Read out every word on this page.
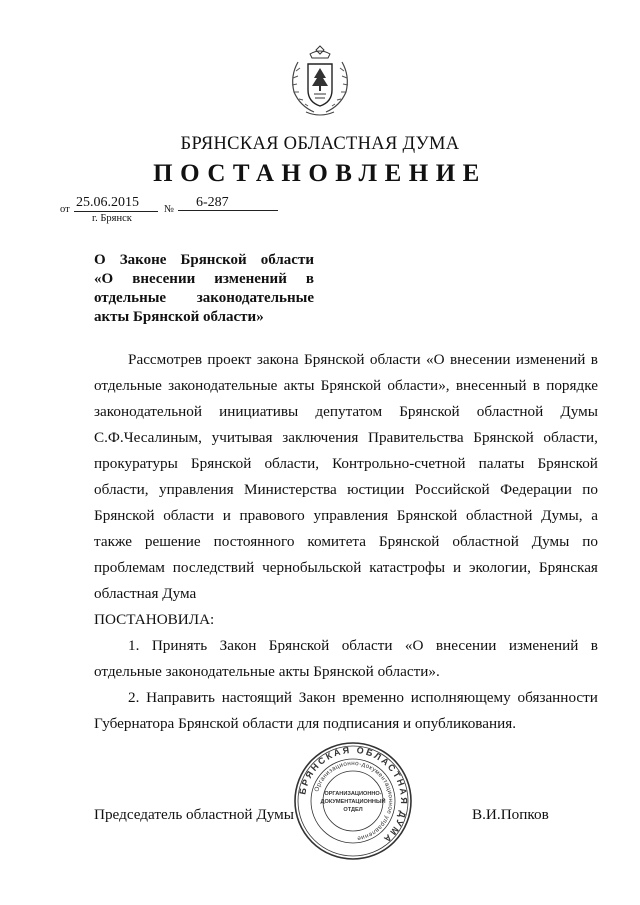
БРЯНСКАЯ ОБЛАСТНАЯ ДУМА
ПОСТАНОВЛЕНИЕ
от 25.06.2015	№	6-287
г. Брянск
О Законе Брянской области
«О внесении изменений в
отдельные законодательные
акты Брянской области»
Рассмотрев проект закона Брянской области «О внесении изменений в
отдельные законодательные акты Брянской области», внесенный в порядке
законодательной инициативы депутатом Брянской областной Думы
С.Ф.Чесалиным, учитывая заключения Правительства Брянской области,
прокуратуры Брянской области, Контрольно-счетной палаты Брянской
области, управления Министерства юстиции Российской Федерации по
Брянской области и правового управления Брянской областной Думы, а
также решение постоянного комитета Брянской областной Думы по
проблемам последствий чернобыльской катастрофы и экологии, Брянская
областная Дума
ПОСТАНОВИЛА:
1. Принять Закон Брянской области «О внесении изменений в
отдельные законодательные акты Брянской области».
2. Направить настоящий Закон временно исполняющему обязанности
Губернатора Брянской области для подписания и опубликования.
БРЯНСКАЯ ОБЛАСТНАЯ ДУМА
Организационно-документационное управление
ОРГАНИЗАЦИОННО-
ДОКУМЕНТАЦИОННЫЙ
ОТДЕЛ
Председатель областной Думы	В.И.Попков
